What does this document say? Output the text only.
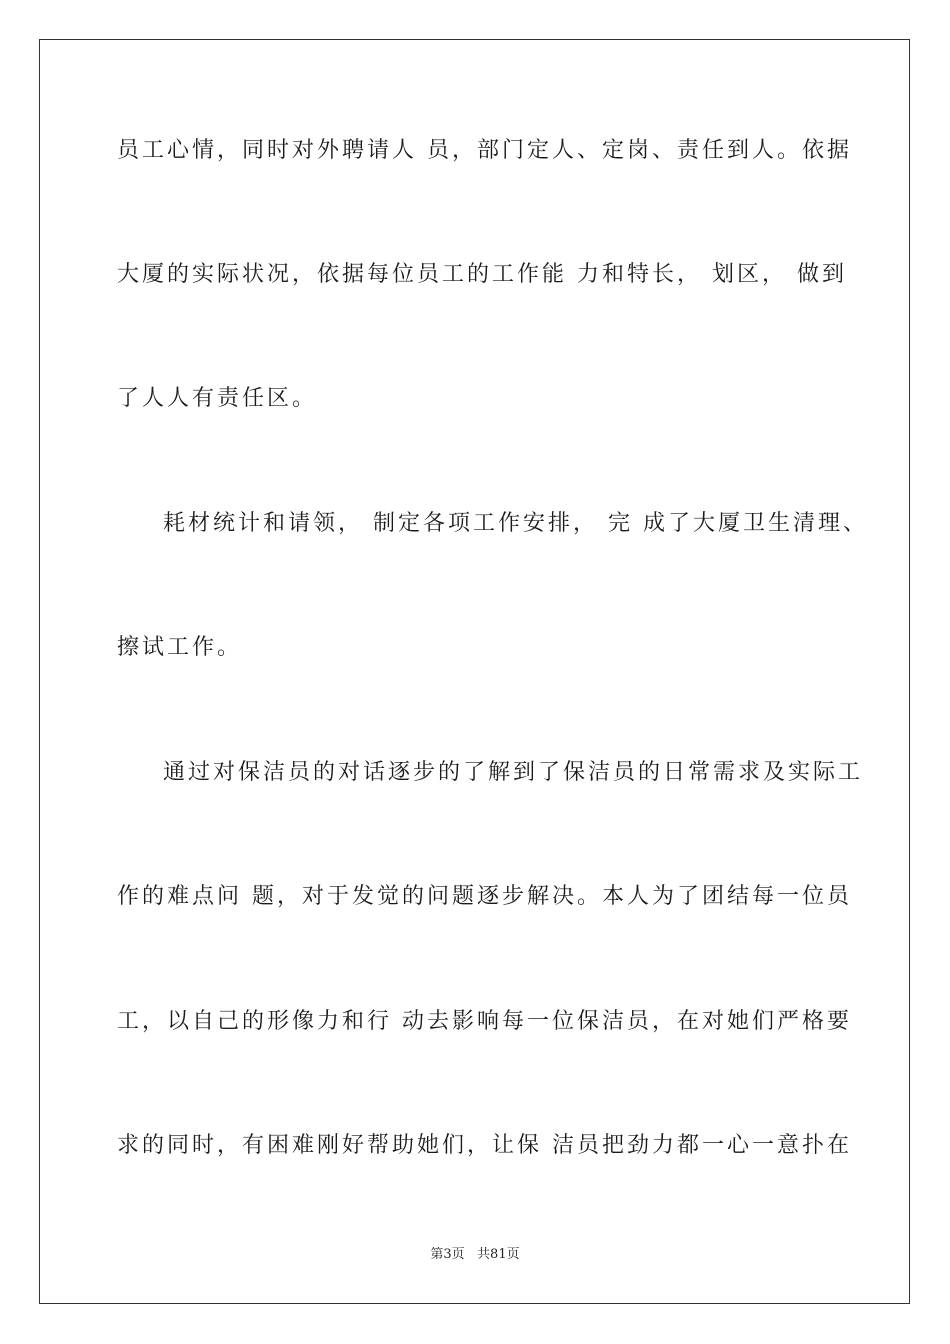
员工心情，同时对外聘请人 员，部门定人、定岗、责任到人。依据
大厦的实际状况，依据每位员工的工作能 力和特长， 划区， 做到
了人人有责任区。
耗材统计和请领， 制定各项工作安排， 完 成了大厦卫生清理、
擦试工作。
通过对保洁员的对话逐步的了解到了保洁员的日常需求及实际工
作的难点问 题，对于发觉的问题逐步解决。本人为了团结每一位员
工，以自己的形像力和行 动去影响每一位保洁员，在对她们严格要
求的同时，有困难刚好帮助她们，让保 洁员把劲力都一心一意扑在
第3页   共81页
